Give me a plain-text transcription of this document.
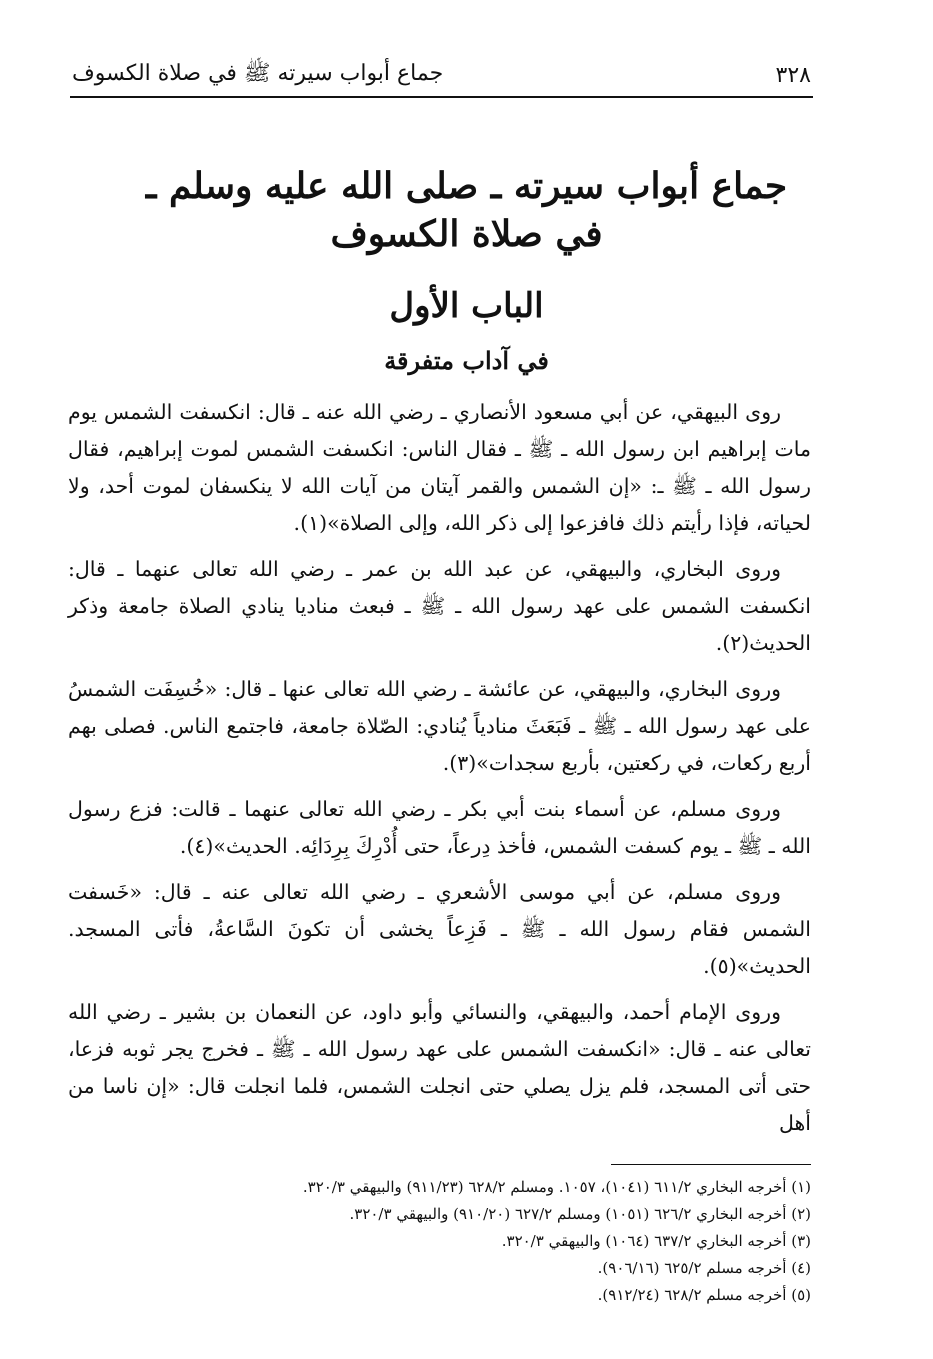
٣٢٨
جماع أبواب سيرته ﷺ في صلاة الكسوف
جماع أبواب سيرته ـ صلى الله عليه وسلم ـ
في صلاة الكسوف
الباب الأول
في آداب متفرقة

روى البيهقي، عن أبي مسعود الأنصاري ـ رضي الله عنه ـ قال: انكسفت الشمس يوم مات إبراهيم ابن رسول الله ـ ﷺ ـ فقال الناس: انكسفت الشمس لموت إبراهيم، فقال رسول الله ـ ﷺ ـ: «إن الشمس والقمر آيتان من آيات الله لا ينكسفان لموت أحد، ولا لحياته، فإذا رأيتم ذلك فافزعوا إلى ذكر الله، وإلى الصلاة»(١).

وروى البخاري، والبيهقي، عن عبد الله بن عمر ـ رضي الله تعالى عنهما ـ قال: انكسفت الشمس على عهد رسول الله ـ ﷺ ـ فبعث مناديا ينادي الصلاة جامعة وذكر الحديث(٢).

وروى البخاري، والبيهقي، عن عائشة ـ رضي الله تعالى عنها ـ قال: «خُسِفَت الشمسُ على عهد رسول الله ـ ﷺ ـ فَبَعَثَ منادياً يُنادي: الصّلاة جامعة، فاجتمع الناس. فصلى بهم أربع ركعات، في ركعتين، بأربع سجدات»(٣).

وروى مسلم، عن أسماء بنت أبي بكر ـ رضي الله تعالى عنهما ـ قالت: فزع رسول الله ـ ﷺ ـ يوم كسفت الشمس، فأخذ دِرعاً، حتى أُدْرِكَ بِرِدَائِه. الحديث»(٤).

وروى مسلم، عن أبي موسى الأشعري ـ رضي الله تعالى عنه ـ قال: «خَسفت الشمس فقام رسول الله ـ ﷺ ـ فَزِعاً يخشى أن تكونَ السَّاعةُ، فأتى المسجد. الحديث»(٥).

وروى الإمام أحمد، والبيهقي، والنسائي وأبو داود، عن النعمان بن بشير ـ رضي الله تعالى عنه ـ قال: «انكسفت الشمس على عهد رسول الله ـ ﷺ ـ فخرج يجر ثوبه فزعا، حتى أتى المسجد، فلم يزل يصلي حتى انجلت الشمس، فلما انجلت قال: «إن ناسا من أهل

(١) أخرجه البخاري ٦١١/٢ (١٠٤١)، ١٠٥٧. ومسلم ٦٢٨/٢ (٩١١/٢٣) والبيهقي ٣٢٠/٣.

(٢) أخرجه البخاري ٦٢٦/٢ (١٠٥١) ومسلم ٦٢٧/٢ (٩١٠/٢٠) والبيهقي ٣٢٠/٣.

(٣) أخرجه البخاري ٦٣٧/٢ (١٠٦٤) والبيهقي ٣٢٠/٣.

(٤) أخرجه مسلم ٦٢٥/٢ (٩٠٦/١٦).

(٥) أخرجه مسلم ٦٢٨/٢ (٩١٢/٢٤).
